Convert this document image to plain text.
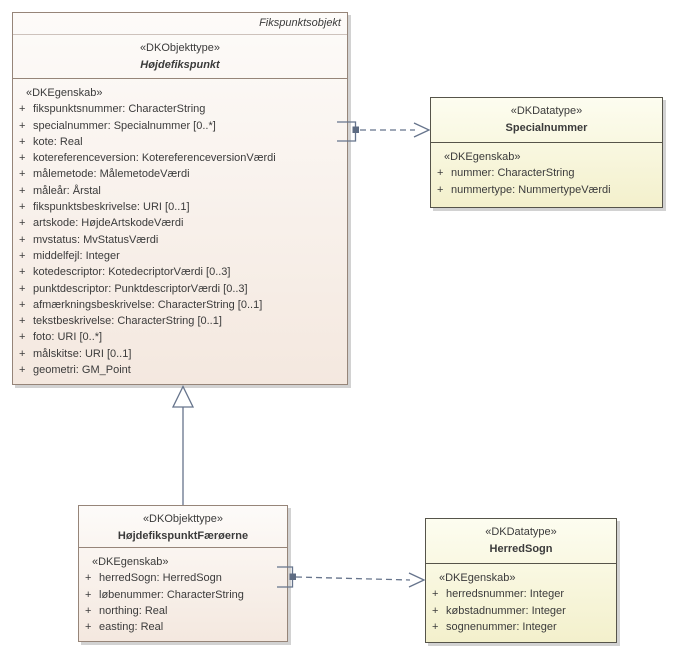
Fikspunktsobjekt
«DKObjekttype»
Højdefikspunkt
«DKEgenskab»
+ fikspunktsnummer: CharacterString
+ specialnummer: Specialnummer [0..*]
+ kote: Real
+ kotereferenceversion: KotereferenceversionVærdi
+ målemetode: MålemetodeVærdi
+ måleår: Årstal
+ fikspunktsbeskrivelse: URI [0..1]
+ artskode: HøjdeArtskodeVærdi
+ mvstatus: MvStatusVærdi
+ middelfejl: Integer
+ kotedescriptor: KotedecriptorVærdi [0..3]
+ punktdescriptor: PunktdescriptorVærdi [0..3]
+ afmærkningsbeskrivelse: CharacterString [0..1]
+ tekstbeskrivelse: CharacterString [0..1]
+ foto: URI [0..*]
+ målskitse: URI [0..1]
+ geometri: GM_Point
«DKDatatype»
Specialnummer
«DKEgenskab»
+ nummer: CharacterString
+ nummertype: NummertypeVærdi
«DKObjekttype»
HøjdefikspunktFærøerne
«DKEgenskab»
+ herredSogn: HerredSogn
+ løbenummer: CharacterString
+ northing: Real
+ easting: Real
«DKDatatype»
HerredSogn
«DKEgenskab»
+ herredsnummer: Integer
+ købstadnummer: Integer
+ sognenummer: Integer
